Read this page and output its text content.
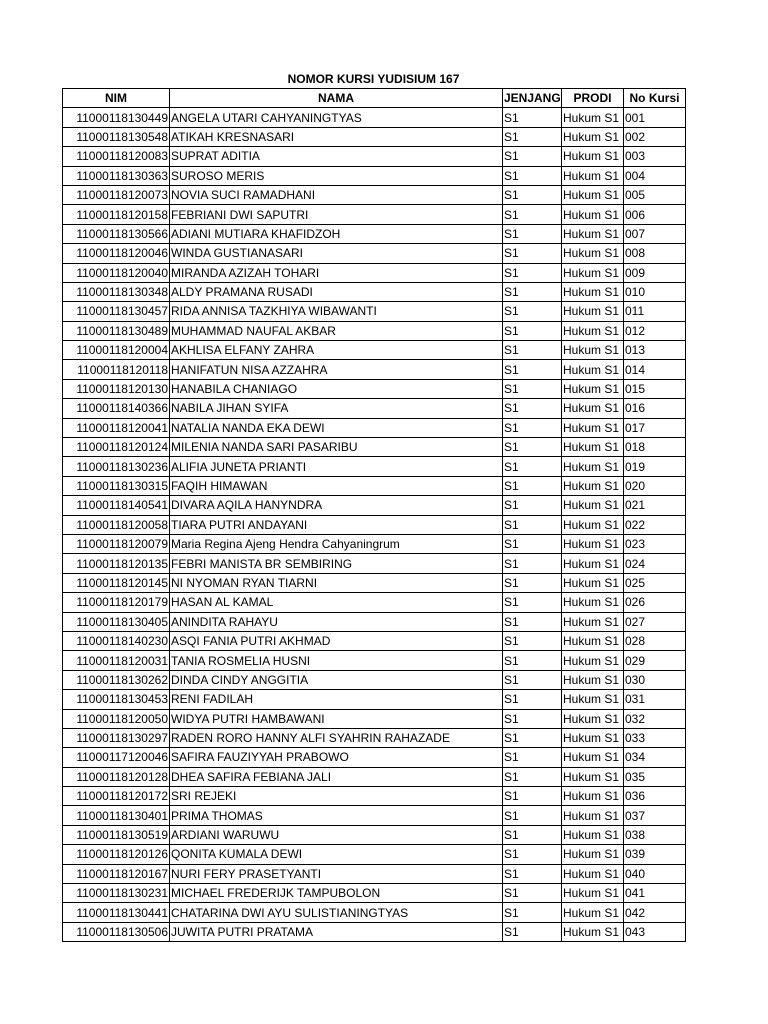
NOMOR KURSI YUDISIUM 167
NIM	NAMA	JENJANG	PRODI	No Kursi
11000118130449	ANGELA UTARI CAHYANINGTYAS	S1	Hukum S1	001
11000118130548	ATIKAH KRESNASARI	S1	Hukum S1	002
11000118120083	SUPRAT ADITIA	S1	Hukum S1	003
11000118130363	SUROSO MERIS	S1	Hukum S1	004
11000118120073	NOVIA SUCI RAMADHANI	S1	Hukum S1	005
11000118120158	FEBRIANI DWI SAPUTRI	S1	Hukum S1	006
11000118130566	ADIANI MUTIARA KHAFIDZOH	S1	Hukum S1	007
11000118120046	WINDA GUSTIANASARI	S1	Hukum S1	008
11000118120040	MIRANDA AZIZAH TOHARI	S1	Hukum S1	009
11000118130348	ALDY PRAMANA RUSADI	S1	Hukum S1	010
11000118130457	RIDA ANNISA TAZKHIYA WIBAWANTI	S1	Hukum S1	011
11000118130489	MUHAMMAD NAUFAL AKBAR	S1	Hukum S1	012
11000118120004	AKHLISA ELFANY ZAHRA	S1	Hukum S1	013
11000118120118	HANIFATUN NISA AZZAHRA	S1	Hukum S1	014
11000118120130	HANABILA CHANIAGO	S1	Hukum S1	015
11000118140366	NABILA JIHAN SYIFA	S1	Hukum S1	016
11000118120041	NATALIA NANDA EKA DEWI	S1	Hukum S1	017
11000118120124	MILENIA NANDA SARI PASARIBU	S1	Hukum S1	018
11000118130236	ALIFIA JUNETA PRIANTI	S1	Hukum S1	019
11000118130315	FAQIH HIMAWAN	S1	Hukum S1	020
11000118140541	DIVARA AQILA HANYNDRA	S1	Hukum S1	021
11000118120058	TIARA PUTRI ANDAYANI	S1	Hukum S1	022
11000118120079	Maria Regina Ajeng Hendra Cahyaningrum	S1	Hukum S1	023
11000118120135	FEBRI MANISTA BR SEMBIRING	S1	Hukum S1	024
11000118120145	NI NYOMAN RYAN TIARNI	S1	Hukum S1	025
11000118120179	HASAN AL KAMAL	S1	Hukum S1	026
11000118130405	ANINDITA RAHAYU	S1	Hukum S1	027
11000118140230	ASQI FANIA PUTRI AKHMAD	S1	Hukum S1	028
11000118120031	TANIA ROSMELIA HUSNI	S1	Hukum S1	029
11000118130262	DINDA CINDY ANGGITIA	S1	Hukum S1	030
11000118130453	RENI FADILAH	S1	Hukum S1	031
11000118120050	WIDYA PUTRI HAMBAWANI	S1	Hukum S1	032
11000118130297	RADEN RORO HANNY ALFI SYAHRIN RAHAZADE	S1	Hukum S1	033
11000117120046	SAFIRA FAUZIYYAH PRABOWO	S1	Hukum S1	034
11000118120128	DHEA SAFIRA FEBIANA JALI	S1	Hukum S1	035
11000118120172	SRI REJEKI	S1	Hukum S1	036
11000118130401	PRIMA THOMAS	S1	Hukum S1	037
11000118130519	ARDIANI WARUWU	S1	Hukum S1	038
11000118120126	QONITA KUMALA DEWI	S1	Hukum S1	039
11000118120167	NURI FERY PRASETYANTI	S1	Hukum S1	040
11000118130231	MICHAEL FREDERIJK TAMPUBOLON	S1	Hukum S1	041
11000118130441	CHATARINA DWI AYU SULISTIANINGTYAS	S1	Hukum S1	042
11000118130506	JUWITA PUTRI PRATAMA	S1	Hukum S1	043
